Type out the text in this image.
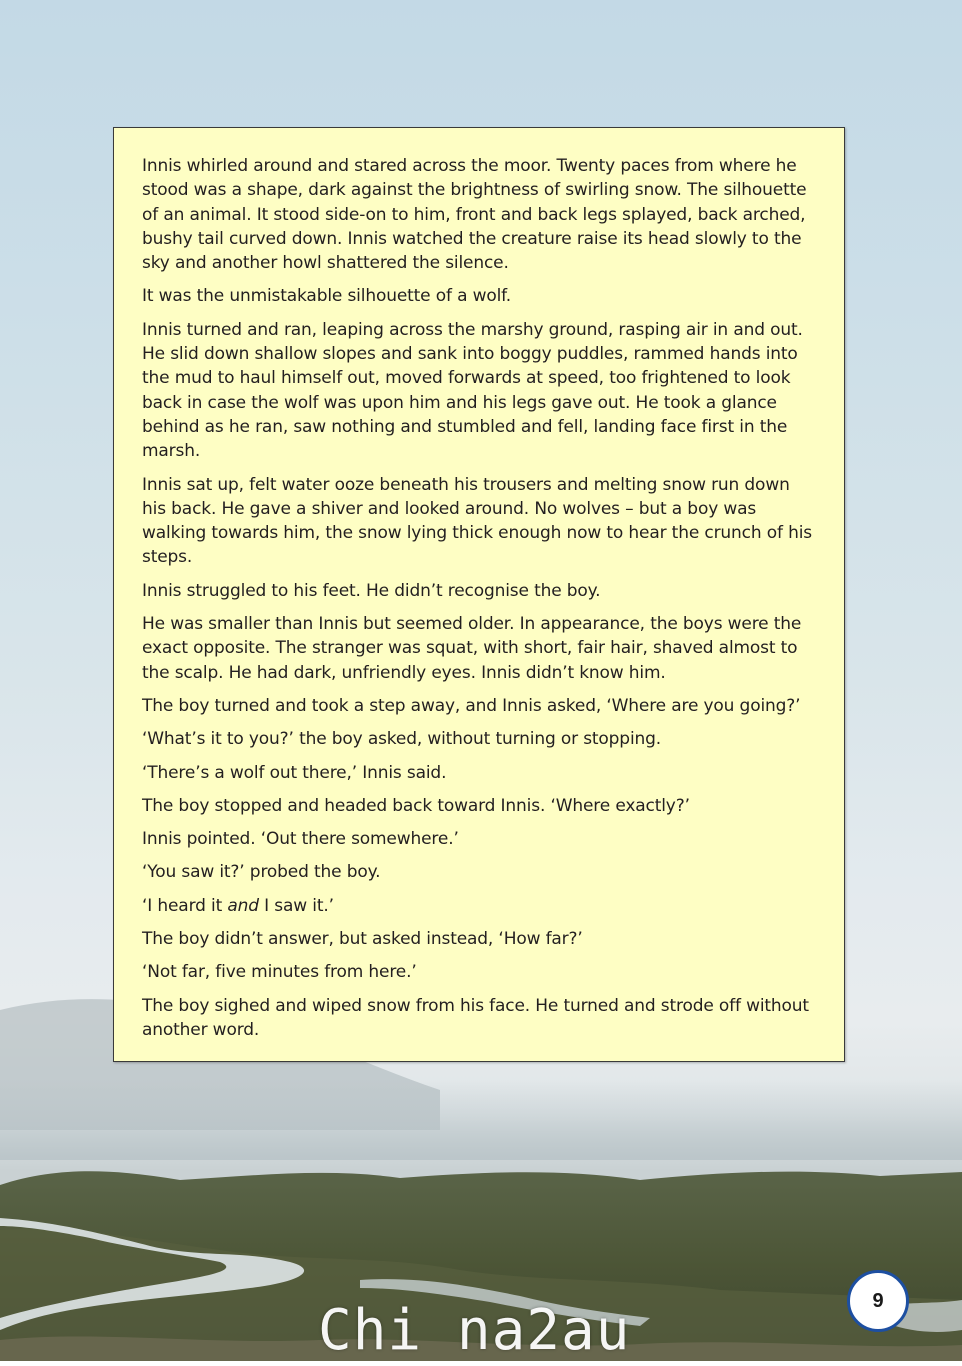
Innis whirled around and stared across the moor. Twenty paces from where he stood was a shape, dark against the brightness of swirling snow. The silhouette of an animal. It stood side-on to him, front and back legs splayed, back arched, bushy tail curved down. Innis watched the creature raise its head slowly to the sky and another howl shattered the silence.

It was the unmistakable silhouette of a wolf.

Innis turned and ran, leaping across the marshy ground, rasping air in and out. He slid down shallow slopes and sank into boggy puddles, rammed hands into the mud to haul himself out, moved forwards at speed, too frightened to look back in case the wolf was upon him and his legs gave out. He took a glance behind as he ran, saw nothing and stumbled and fell, landing face first in the marsh.

Innis sat up, felt water ooze beneath his trousers and melting snow run down his back. He gave a shiver and looked around. No wolves – but a boy was walking towards him, the snow lying thick enough now to hear the crunch of his steps.

Innis struggled to his feet. He didn’t recognise the boy.

He was smaller than Innis but seemed older. In appearance, the boys were the exact opposite. The stranger was squat, with short, fair hair, shaved almost to the scalp. He had dark, unfriendly eyes. Innis didn’t know him.

The boy turned and took a step away, and Innis asked, ‘Where are you going?’

‘What’s it to you?’ the boy asked, without turning or stopping.

‘There’s a wolf out there,’ Innis said.

The boy stopped and headed back toward Innis. ‘Where exactly?’

Innis pointed. ‘Out there somewhere.’

‘You saw it?’ probed the boy.

‘I heard it and I saw it.’

The boy didn’t answer, but asked instead, ‘How far?’

‘Not far, five minutes from here.’

The boy sighed and wiped snow from his face. He turned and strode off without another word.

9
Chi na2au
